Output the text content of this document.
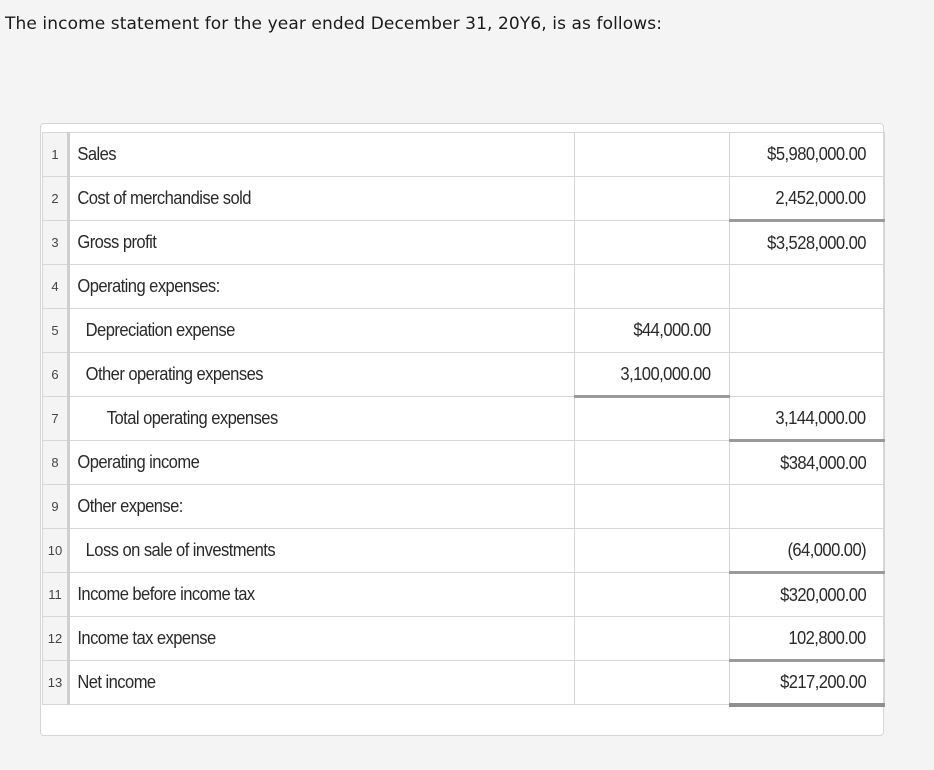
The income statement for the year ended December 31, 20Y6, is as follows:
1	Sales		$5,980,000.00
2	Cost of merchandise sold		2,452,000.00
3	Gross profit		$3,528,000.00
4	Operating expenses:		
5	Depreciation expense	$44,000.00	
6	Other operating expenses	3,100,000.00	
7	Total operating expenses		3,144,000.00
8	Operating income		$384,000.00
9	Other expense:		
10	Loss on sale of investments		(64,000.00)
11	Income before income tax		$320,000.00
12	Income tax expense		102,800.00
13	Net income		$217,200.00
